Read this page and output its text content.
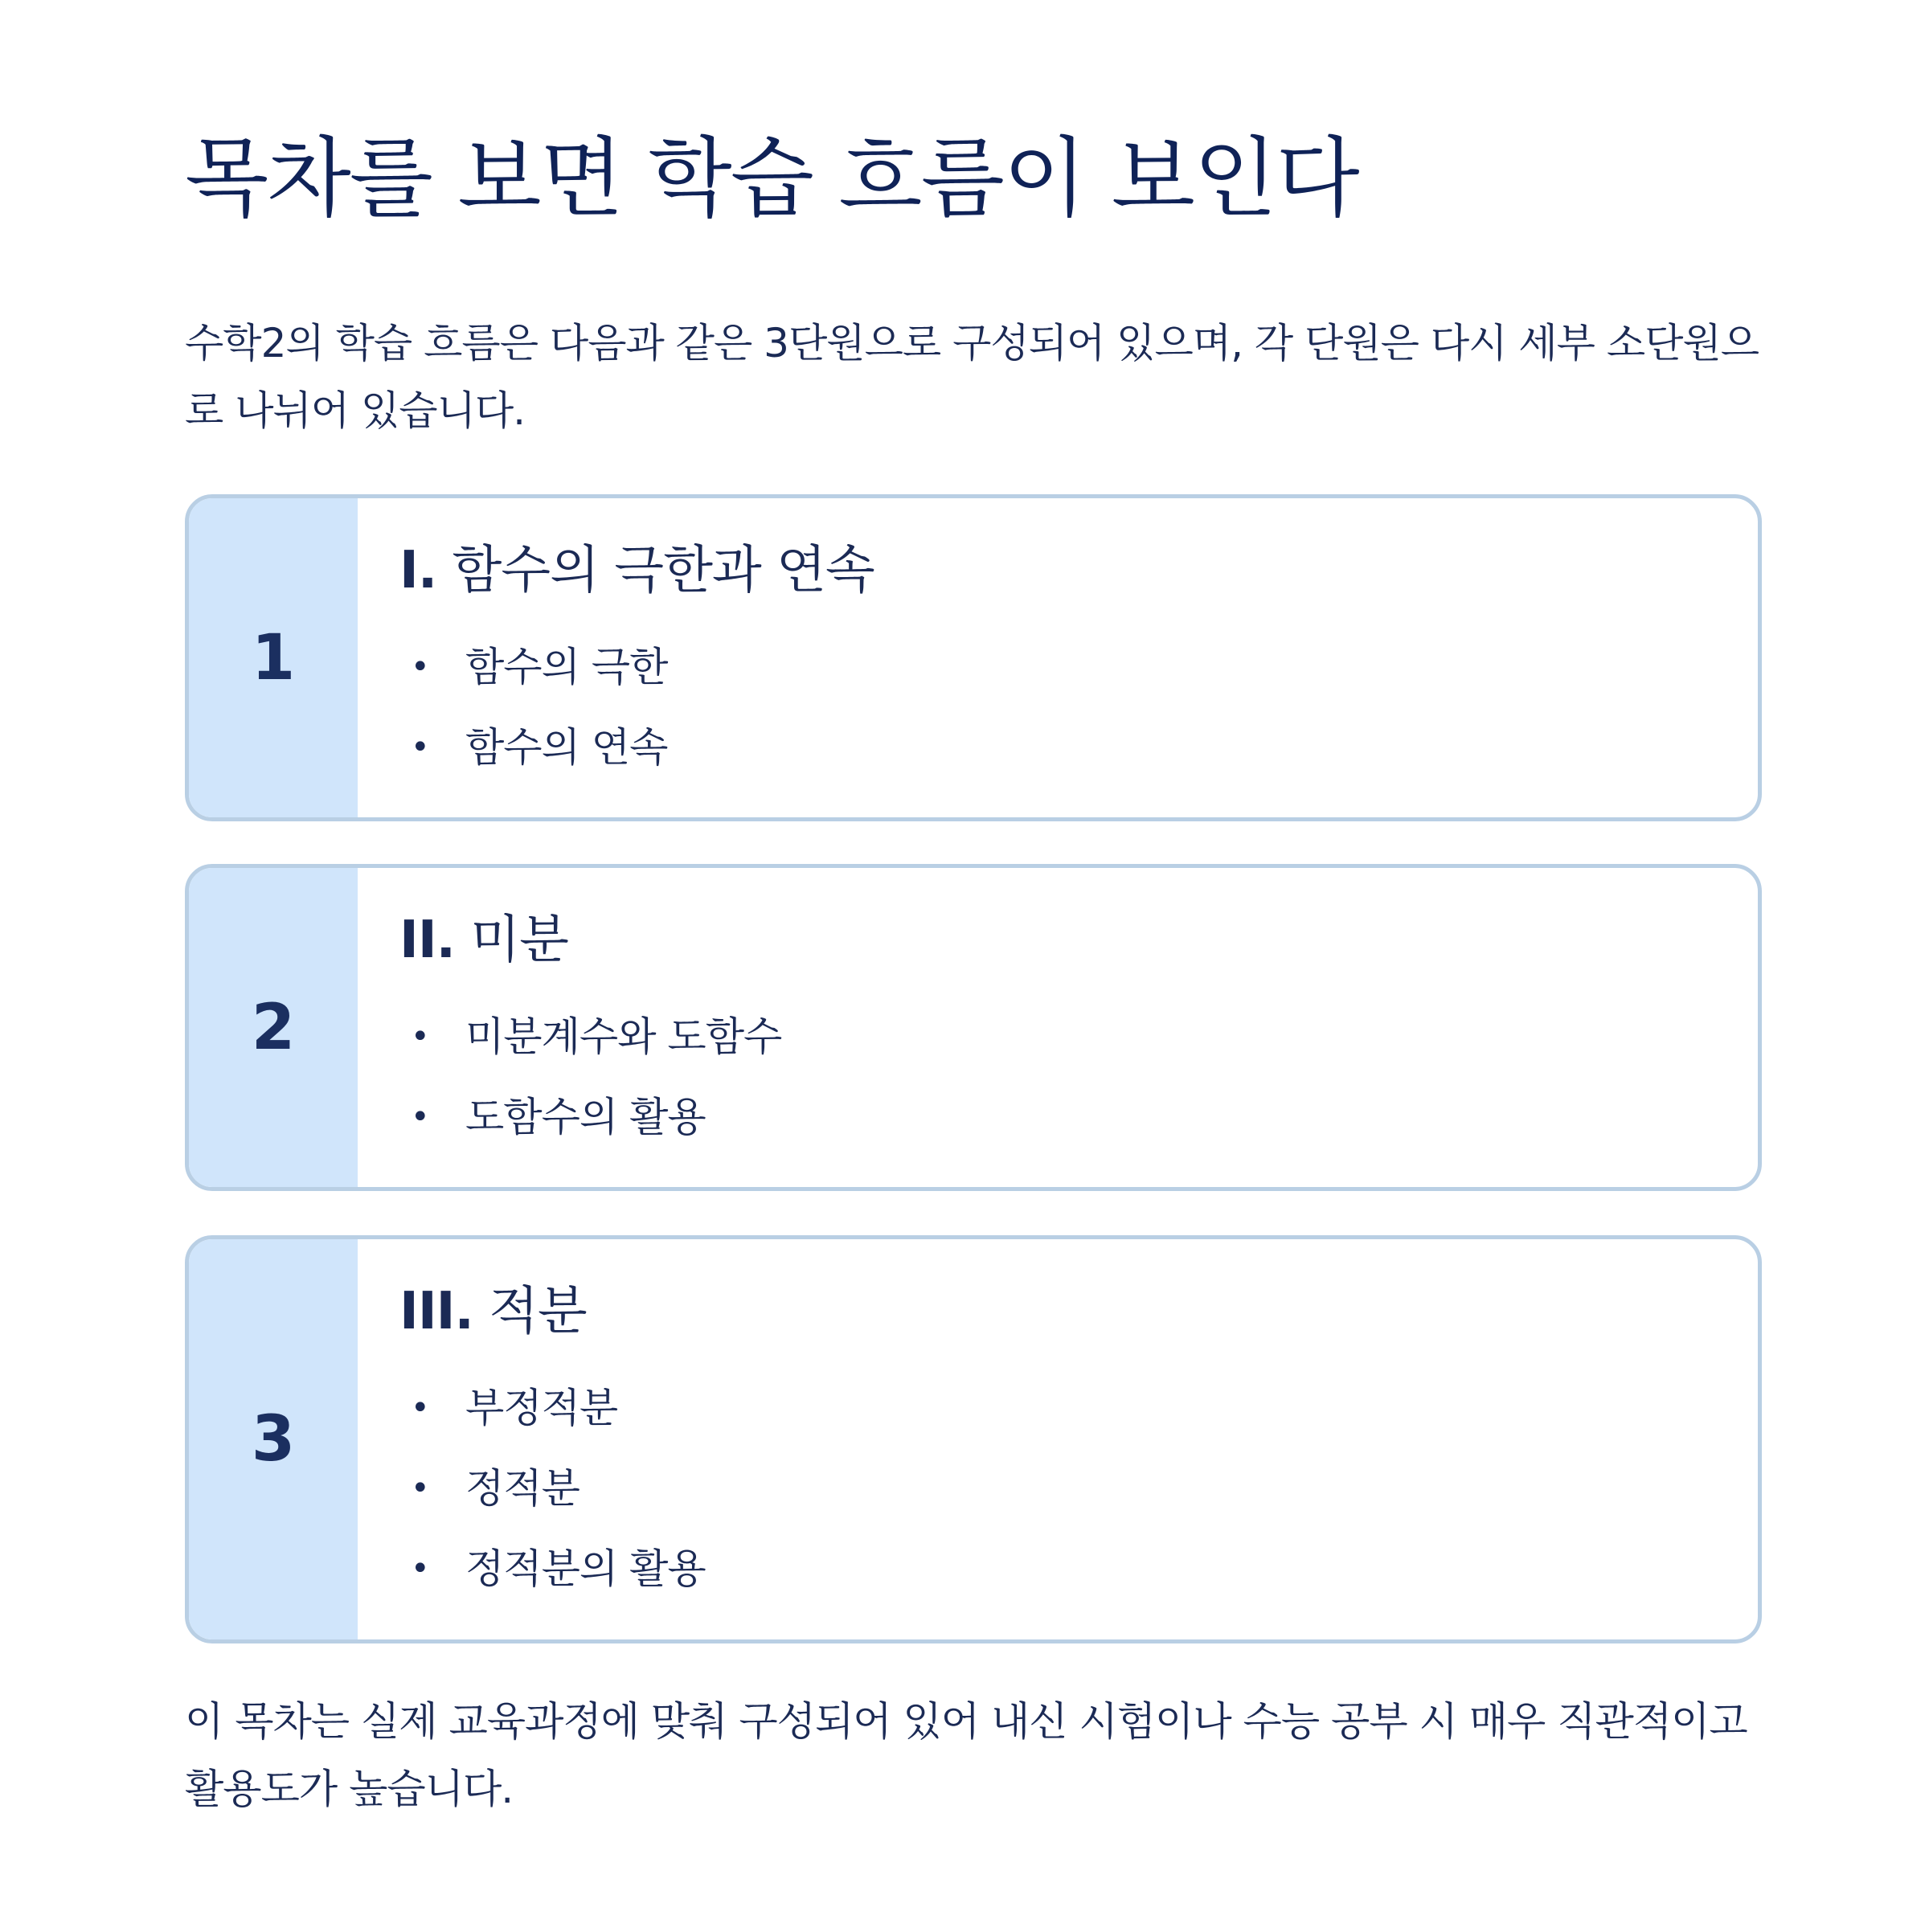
목차를 보면 학습 흐름이 보인다

수학2의 학습 흐름은 다음과 같은 3단원으로 구성되어 있으며, 각 단원은 다시 세부 소단원으로 나뉘어 있습니다.

1
I. 함수의 극한과 연속
• 함수의 극한
• 함수의 연속
2
II. 미분
• 미분계수와 도함수
• 도함수의 활용
3
III. 적분
• 부정적분
• 정적분
• 정적분의 활용

이 목차는 실제 교육과정에 맞춰 구성되어 있어 내신 시험이나 수능 공부 시 매우 직관적이고 활용도가 높습니다.
